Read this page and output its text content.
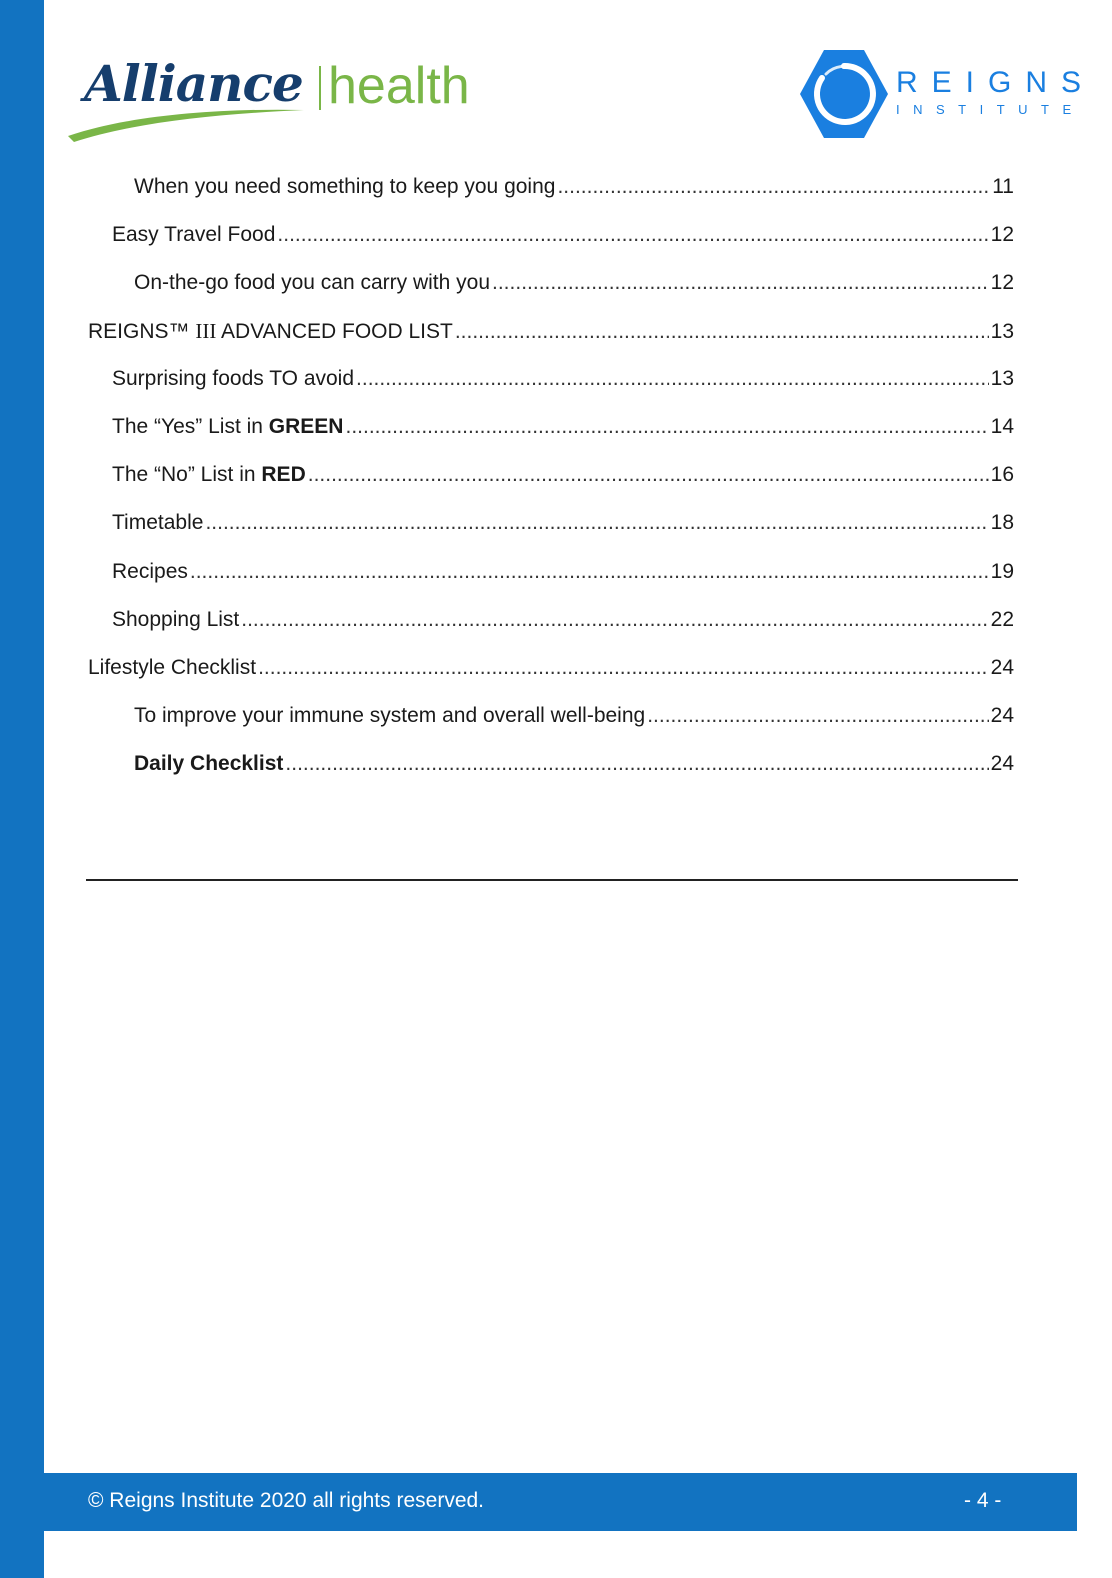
Alliance health	REIGNS
INSTITUTE
When you need something to keep you going .....	11
Easy Travel Food .....	12
On-the-go food you can carry with you .....	12
REIGNS™ III ADVANCED FOOD LIST .....	13
Surprising foods TO avoid .....	13
The “Yes” List in GREEN .....	14
The “No” List in RED .....	16
Timetable .....	18
Recipes .....	19
Shopping List .....	22
Lifestyle Checklist .....	24
To improve your immune system and overall well-being .....	24
Daily Checklist .....	24
© Reigns Institute 2020 all rights reserved.	- 4 -
